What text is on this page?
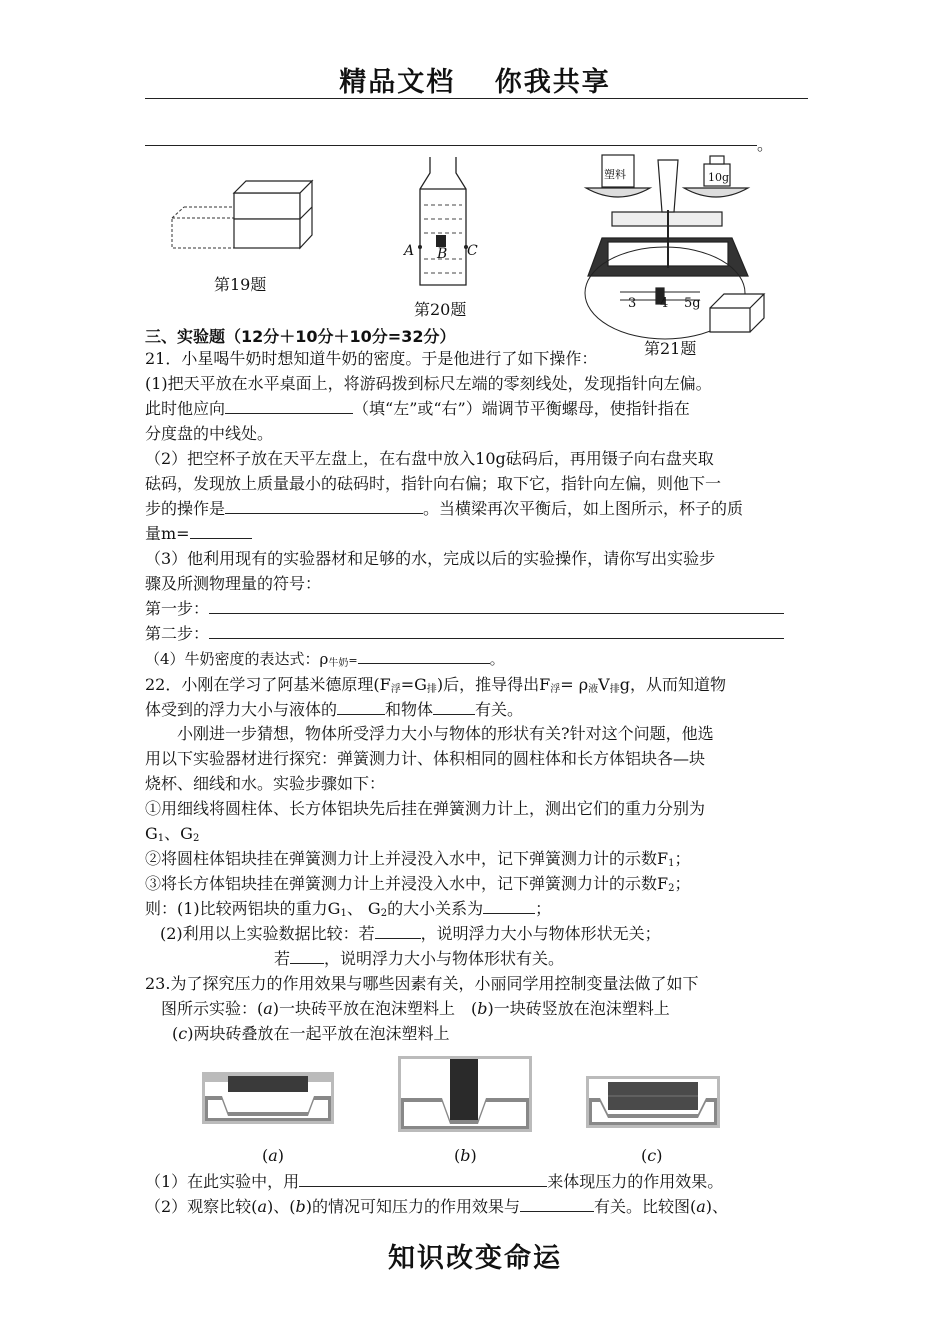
精品文档 你我共享
。
第19题
A B C
第20题
塑料	10g
3 4 5g
第21题
三、实验题（12分＋10分＋10分=32分）
21．小星喝牛奶时想知道牛奶的密度。于是他进行了如下操作：
(1)把天平放在水平桌面上，将游码拨到标尺左端的零刻线处，发现指针向左偏。
此时他应向	（填“左”或“右”）端调节平衡螺母，使指针指在
分度盘的中线处。
（2）把空杯子放在天平左盘上，在右盘中放入10g砝码后，再用镊子向右盘夹取
砝码，发现放上质量最小的砝码时，指针向右偏；取下它，指针向左偏，则他下一
步的操作是	。当横梁再次平衡后，如上图所示，杯子的质
量m=
（3）他利用现有的实验器材和足够的水，完成以后的实验操作，请你写出实验步
骤及所测物理量的符号：
第一步：
第二步：
（4）牛奶密度的表达式：$\rho_{牛奶}=$	。
22．小刚在学习了阿基米德原理$(F_浮=G_排)$后，推导得出$F_浮= \rho_液V_排g$，从而知道物
体受到的浮力大小与液体的	和物体	有关。
小刚进一步猜想，物体所受浮力大小与物体的形状有关?针对这个问题，他选
用以下实验器材进行探究：弹簧测力计、体积相同的圆柱体和长方体铝块各—块
烧杯、细线和水。实验步骤如下：
①用细线将圆柱体、长方体铝块先后挂在弹簧测力计上，测出它们的重力分别为
$G_1$、$G_2$
②将圆柱体铝块挂在弹簧测力计上并浸没入水中，记下弹簧测力计的示数$F_1$；
③将长方体铝块挂在弹簧测力计上并浸没入水中，记下弹簧测力计的示数$F_2$；
则：(1)比较两铝块的重力$G_1$、 $G_2$的大小关系为	；
(2)利用以上实验数据比较：若	，说明浮力大小与物体形状无关；
若 ，说明浮力大小与物体形状有关。
23.为了探究压力的作用效果与哪些因素有关，小丽同学用控制变量法做了如下
图所示实验：(a)一块砖平放在泡沫塑料上　(b)一块砖竖放在泡沫塑料上
(c)两块砖叠放在一起平放在泡沫塑料上
(a)	(b)	(c)
（1）在此实验中，用	来体现压力的作用效果。
（2）观察比较(a)、(b)的情况可知压力的作用效果与	有关。比较图(a)、
知识改变命运
